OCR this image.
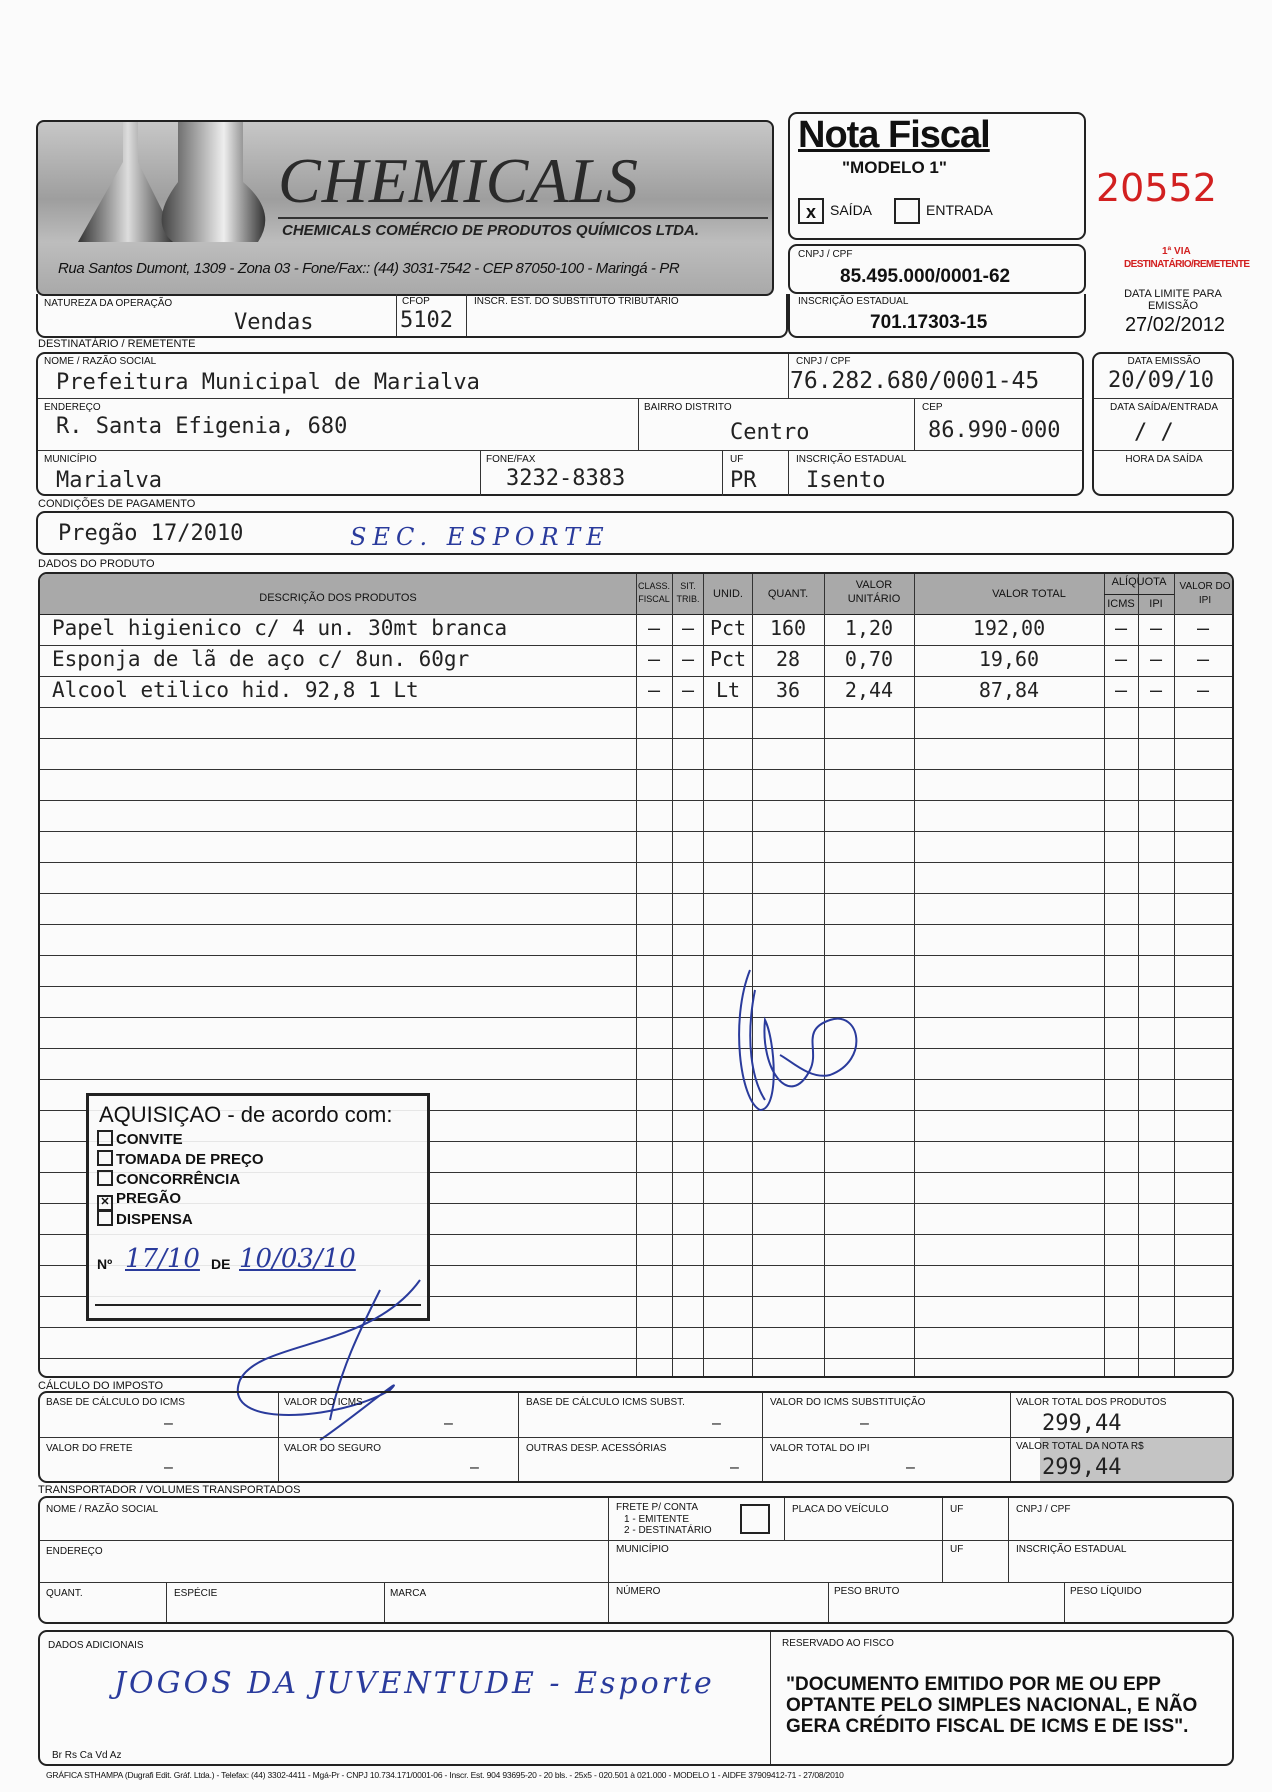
CHEMICALS
CHEMICALS COMÉRCIO DE PRODUTOS QUÍMICOS LTDA.
Rua Santos Dumont, 1309 - Zona 03 - Fone/Fax:: (44) 3031-7542 - CEP 87050-100 - Maringá - PR
Nota Fiscal
"MODELO 1"
x	SAÍDA	ENTRADA	20552
1ª VIA
DESTINATÁRIO/REMETENTE
CNPJ / CPF
85.495.000/0001-62
INSCRIÇÃO ESTADUAL
701.17303-15
DATA LIMITE PARA EMISSÃO
27/02/2012
NATUREZA DA OPERAÇÃO
Vendas
CFOP
5102
INSCR. EST. DO SUBSTITUTO TRIBUTÁRIO
DESTINATÁRIO / REMETENTE
NOME / RAZÃO SOCIAL
Prefeitura Municipal de Marialva
CNPJ / CPF
76.282.680/0001-45
ENDEREÇO
R. Santa Efigenia, 680
BAIRRO DISTRITO
Centro
CEP
86.990-000
MUNICÍPIO
Marialva
FONE/FAX
3232-8383
UF
PR
INSCRIÇÃO ESTADUAL
Isento
DATA EMISSÃO
20/09/10
DATA SAÍDA/ENTRADA
/ /
HORA DA SAÍDA
CONDIÇÕES DE PAGAMENTO
Pregão 17/2010	SEC. ESPORTE
DADOS DO PRODUTO
DESCRIÇÃO DOS PRODUTOS
CLASS. FISCAL
SIT. TRIB.	UNID.	QUANT.
VALOR UNITÁRIO	VALOR TOTAL
ALÍQUOTA
ICMS	IPI
VALOR DO IPI
Papel higienico c/ 4 un. 30mt branca	–	– Pct	160	1,20	192,00	–	–	–
Esponja de lã de aço c/ 8un. 60gr	–	– Pct	28	0,70	19,60	–	–	–
Alcool etilico hid. 92,8 1 Lt	–	–	Lt	36	2,44	87,84	–	–	–
AQUISIÇAO - de acordo com:
CONVITE
TOMADA DE PREÇO
CONCORRÊNCIA
✕ PREGÃO
DISPENSA
Nº 17/10 DE 10/03/10
CÁLCULO DO IMPOSTO
BASE DE CÁLCULO DO ICMS
–
VALOR DO ICMS
–
BASE DE CÁLCULO ICMS SUBST.
–
VALOR DO ICMS SUBSTITUIÇÃO
–
VALOR TOTAL DOS PRODUTOS
299,44
VALOR DO FRETE
–
VALOR DO SEGURO
–
OUTRAS DESP. ACESSÓRIAS
–
VALOR TOTAL DO IPI
–
VALOR TOTAL DA NOTA R$
299,44
TRANSPORTADOR / VOLUMES TRANSPORTADOS
NOME / RAZÃO SOCIAL	FRETE P/ CONTA
1 - EMITENTE
2 - DESTINATÁRIO
PLACA DO VEÍCULO	UF	CNPJ / CPF
ENDEREÇO	MUNICÍPIO	UF	INSCRIÇÃO ESTADUAL
QUANT.	ESPÉCIE	MARCA	NÚMERO	PESO BRUTO	PESO LÍQUIDO
DADOS ADICIONAIS
JOGOS DA JUVENTUDE - Esporte
Br Rs Ca Vd Az
RESERVADO AO FISCO
"DOCUMENTO EMITIDO POR ME OU EPP OPTANTE PELO SIMPLES NACIONAL, E NÃO GERA CRÉDITO FISCAL DE ICMS E DE ISS".
GRÁFICA STHAMPA (Dugrafi Edit. Gráf. Ltda.) - Telefax: (44) 3302-4411 - Mgá-Pr - CNPJ 10.734.171/0001-06 - Inscr. Est. 904 93695-20 - 20 bls. - 25x5 - 020.501 à 021.000 - MODELO 1 - AIDFE 37909412-71 - 27/08/2010
